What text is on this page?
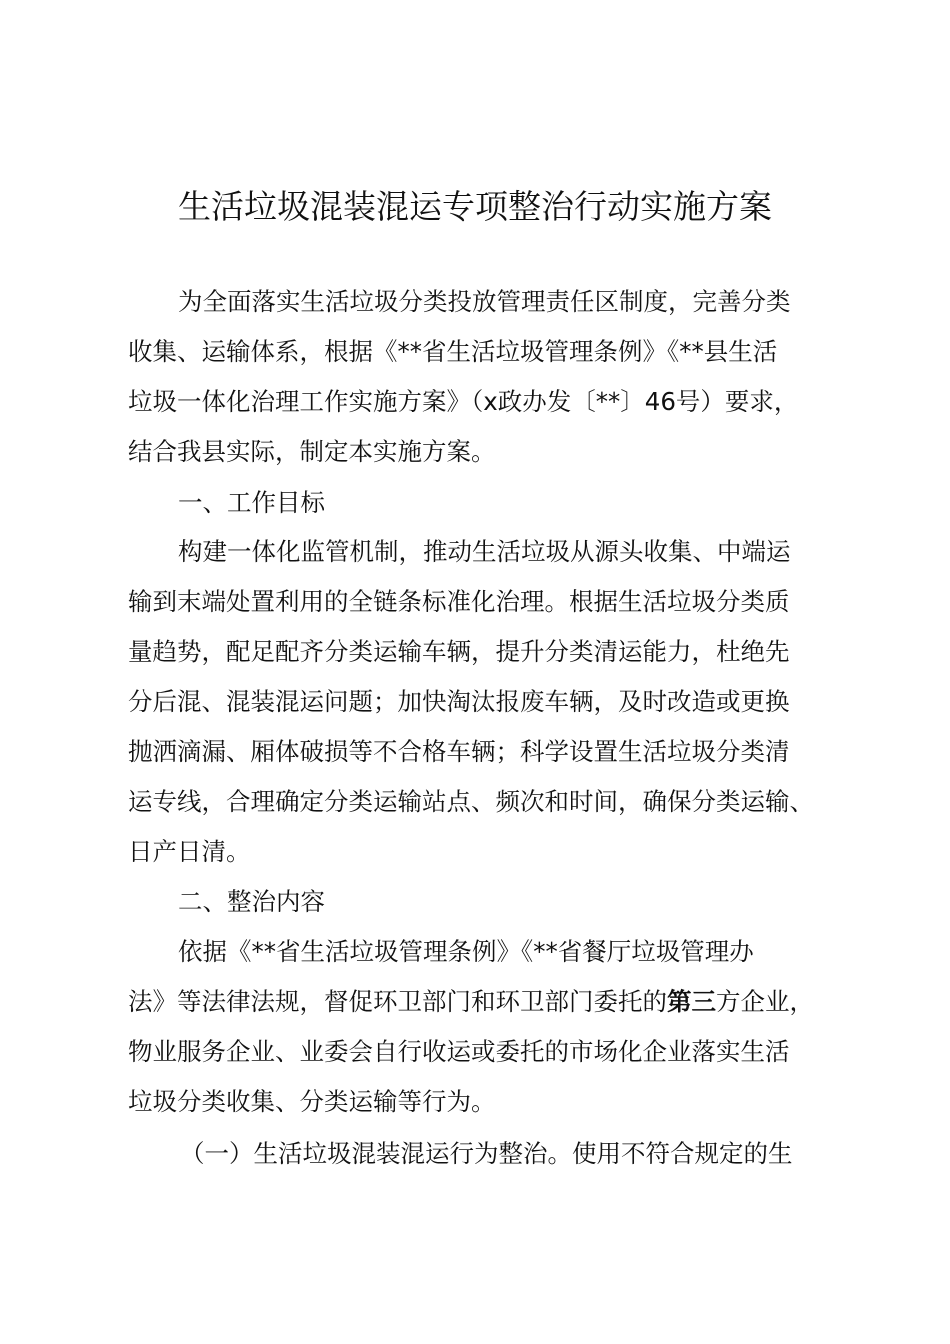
生活垃圾混装混运专项整治行动实施方案
为全面落实生活垃圾分类投放管理责任区制度，完善分类
收集、运输体系，根据《**省生活垃圾管理条例》《**县生活
垃圾一体化治理工作实施方案》（x政办发〔**〕46号）要求，
结合我县实际，制定本实施方案。
一、工作目标
构建一体化监管机制，推动生活垃圾从源头收集、中端运
输到末端处置利用的全链条标准化治理。根据生活垃圾分类质
量趋势，配足配齐分类运输车辆，提升分类清运能力，杜绝先
分后混、混装混运问题；加快淘汰报废车辆，及时改造或更换
抛洒滴漏、厢体破损等不合格车辆；科学设置生活垃圾分类清
运专线，合理确定分类运输站点、频次和时间，确保分类运输、
日产日清。
二、整治内容
依据《**省生活垃圾管理条例》《**省餐厅垃圾管理办
法》等法律法规，督促环卫部门和环卫部门委托的第三方企业，
物业服务企业、业委会自行收运或委托的市场化企业落实生活
垃圾分类收集、分类运输等行为。
（一）生活垃圾混装混运行为整治。使用不符合规定的生
